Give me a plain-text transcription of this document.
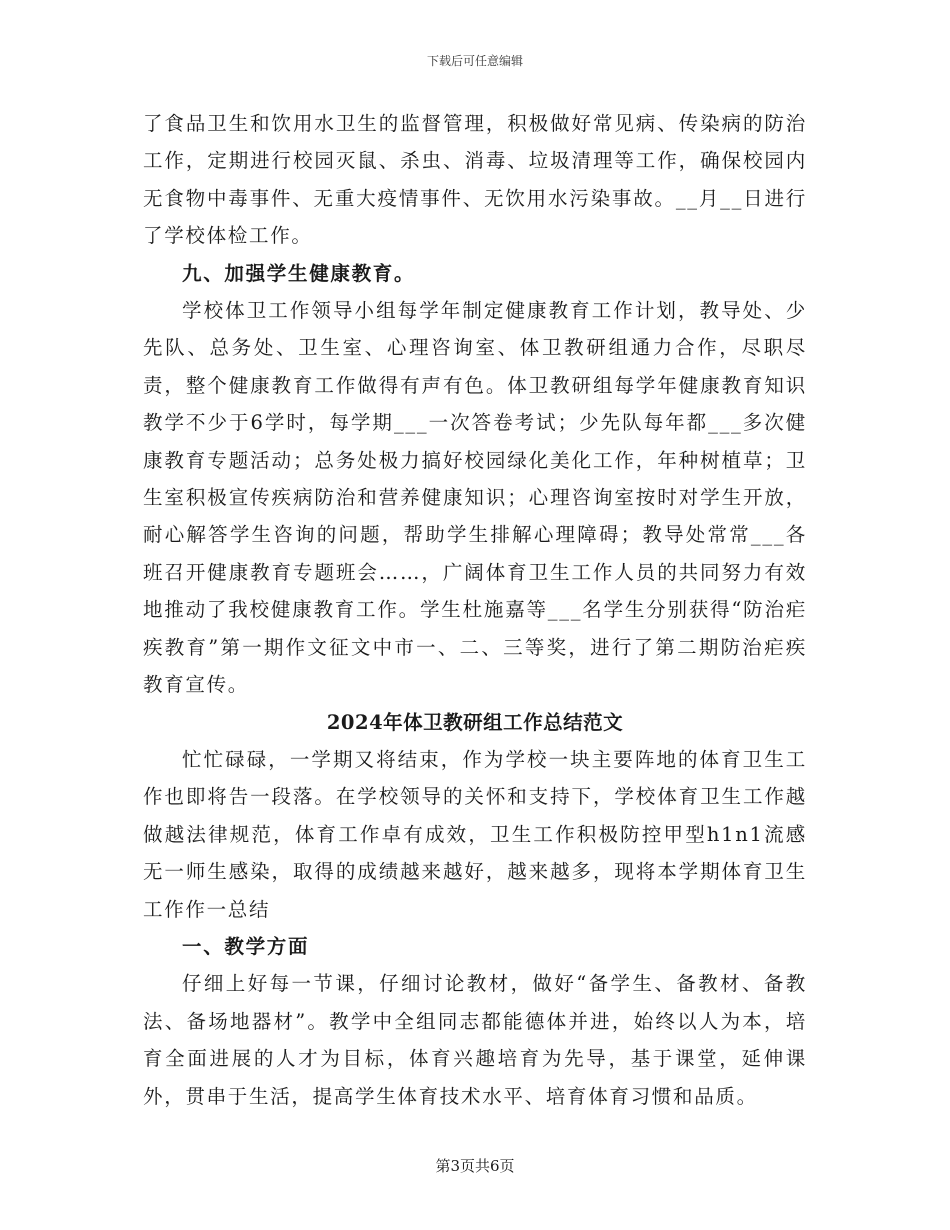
下载后可任意编辑

了食品卫生和饮用水卫生的监督管理，积极做好常见病、传染病的防治工作，定期进行校园灭鼠、杀虫、消毒、垃圾清理等工作，确保校园内无食物中毒事件、无重大疫情事件、无饮用水污染事故。__月__日进行了学校体检工作。

九、加强学生健康教育。

学校体卫工作领导小组每学年制定健康教育工作计划，教导处、少先队、总务处、卫生室、心理咨询室、体卫教研组通力合作，尽职尽责，整个健康教育工作做得有声有色。体卫教研组每学年健康教育知识教学不少于6学时，每学期___一次答卷考试；少先队每年都___多次健康教育专题活动；总务处极力搞好校园绿化美化工作，年种树植草；卫生室积极宣传疾病防治和营养健康知识；心理咨询室按时对学生开放，耐心解答学生咨询的问题，帮助学生排解心理障碍；教导处常常___各班召开健康教育专题班会……，广阔体育卫生工作人员的共同努力有效地推动了我校健康教育工作。学生杜施嘉等___名学生分别获得“防治疟疾教育”第一期作文征文中市一、二、三等奖，进行了第二期防治疟疾教育宣传。

2024年体卫教研组工作总结范文

忙忙碌碌，一学期又将结束，作为学校一块主要阵地的体育卫生工作也即将告一段落。在学校领导的关怀和支持下，学校体育卫生工作越做越法律规范，体育工作卓有成效，卫生工作积极防控甲型h1n1流感无一师生感染，取得的成绩越来越好，越来越多，现将本学期体育卫生工作作一总结

一、教学方面

仔细上好每一节课，仔细讨论教材，做好“备学生、备教材、备教法、备场地器材”。教学中全组同志都能德体并进，始终以人为本，培育全面进展的人才为目标，体育兴趣培育为先导，基于课堂，延伸课外，贯串于生活，提高学生体育技术水平、培育体育习惯和品质。

第3页共6页
